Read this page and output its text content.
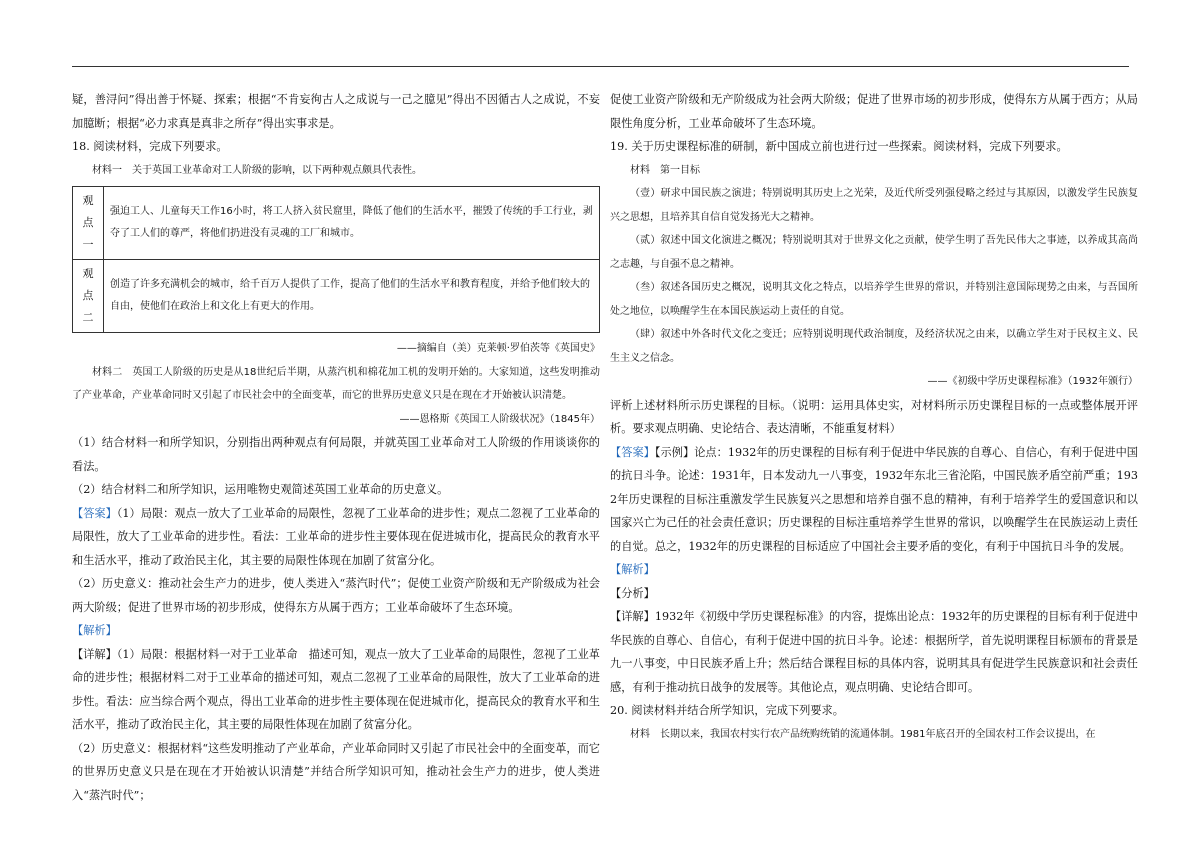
疑，善浔问”得出善于怀疑、探索；根据“不肯妄徇古人之成说与一己之臆见”得出不因循古人之成说，不妄加臆断；根据“必力求真是真非之所存”得出实事求是。

18. 阅读材料，完成下列要求。

材料一　关于英国工业革命对工人阶级的影响，以下两种观点颇具代表性。

观点一	强迫工人、儿童每天工作16小时，将工人挤入贫民窟里，降低了他们的生活水平，摧毁了传统的手工行业，剥夺了工人们的尊严，将他们扔进没有灵魂的工厂和城市。
观点二	创造了许多充满机会的城市，给千百万人提供了工作，提高了他们的生活水平和教育程度，并给予他们较大的自由，使他们在政治上和文化上有更大的作用。

——摘编自（美）克莱顿·罗伯茨等《英国史》

材料二　英国工人阶级的历史是从18世纪后半期，从蒸汽机和棉花加工机的发明开始的。大家知道，这些发明推动了产业革命，产业革命同时又引起了市民社会中的全面变革，而它的世界历史意义只是在现在才开始被认识清楚。

——恩格斯《英国工人阶级状况》（1845年）

（1）结合材料一和所学知识，分别指出两种观点有何局限，并就英国工业革命对工人阶级的作用谈谈你的看法。

（2）结合材料二和所学知识，运用唯物史观简述英国工业革命的历史意义。

【答案】（1）局限：观点一放大了工业革命的局限性，忽视了工业革命的进步性；观点二忽视了工业革命的局限性，放大了工业革命的进步性。看法：工业革命的进步性主要体现在促进城市化，提高民众的教育水平和生活水平，推动了政治民主化，其主要的局限性体现在加剧了贫富分化。

（2）历史意义：推动社会生产力的进步，使人类进入“蒸汽时代”；促使工业资产阶级和无产阶级成为社会两大阶级；促进了世界市场的初步形成，使得东方从属于西方；工业革命破坏了生态环境。

【解析】

【详解】（1）局限：根据材料一对于工业革命　描述可知，观点一放大了工业革命的局限性，忽视了工业革命的进步性；根据材料二对于工业革命的描述可知，观点二忽视了工业革命的局限性，放大了工业革命的进步性。看法：应当综合两个观点，得出工业革命的进步性主要体现在促进城市化，提高民众的教育水平和生活水平，推动了政治民主化，其主要的局限性体现在加剧了贫富分化。

（2）历史意义：根据材料“这些发明推动了产业革命，产业革命同时又引起了市民社会中的全面变革，而它的世界历史意义只是在现在才开始被认识清楚”并结合所学知识可知，推动社会生产力的进步，使人类进入“蒸汽时代”；

促使工业资产阶级和无产阶级成为社会两大阶级；促进了世界市场的初步形成，使得东方从属于西方；从局限性角度分析，工业革命破坏了生态环境。

19. 关于历史课程标准的研制，新中国成立前也进行过一些探索。阅读材料，完成下列要求。

材料　第一目标

（壹）研求中国民族之演进；特别说明其历史上之光荣，及近代所受列强侵略之经过与其原因，以激发学生民族复兴之思想，且培养其自信自觉发扬光大之精神。

（贰）叙述中国文化演进之概况；特别说明其对于世界文化之贡献，使学生明了吾先民伟大之事迹，以养成其高尚之志趣，与自强不息之精神。

（叁）叙述各国历史之概况，说明其文化之特点，以培养学生世界的常识，并特别注意国际现势之由来，与吾国所处之地位，以唤醒学生在本国民族运动上责任的自觉。

（肆）叙述中外各时代文化之变迁；应特别说明现代政治制度，及经济状况之由来，以确立学生对于民权主义、民生主义之信念。

——《初级中学历史课程标准》（1932年颁行）

评析上述材料所示历史课程的目标。（说明：运用具体史实，对材料所示历史课程目标的一点或整体展开评析。要求观点明确、史论结合、表达清晰，不能重复材料）

【答案】【示例】论点：1932年的历史课程的目标有利于促进中华民族的自尊心、自信心，有利于促进中国的抗日斗争。论述：1931年，日本发动九一八事变，1932年东北三省沦陷，中国民族矛盾空前严重；1932年历史课程的目标注重激发学生民族复兴之思想和培养自强不息的精神，有利于培养学生的爱国意识和以国家兴亡为己任的社会责任意识；历史课程的目标注重培养学生世界的常识，以唤醒学生在民族运动上责任的自觉。总之，1932年的历史课程的目标适应了中国社会主要矛盾的变化，有利于中国抗日斗争的发展。

【解析】

【分析】

【详解】1932年《初级中学历史课程标准》的内容，提炼出论点：1932年的历史课程的目标有利于促进中华民族的自尊心、自信心，有利于促进中国的抗日斗争。论述：根据所学，首先说明课程目标颁布的背景是九一八事变，中日民族矛盾上升；然后结合课程目标的具体内容，说明其具有促进学生民族意识和社会责任感，有利于推动抗日战争的发展等。其他论点，观点明确、史论结合即可。

20. 阅读材料并结合所学知识，完成下列要求。

材料　长期以来，我国农村实行农产品统购统销的流通体制。1981年底召开的全国农村工作会议提出，在
